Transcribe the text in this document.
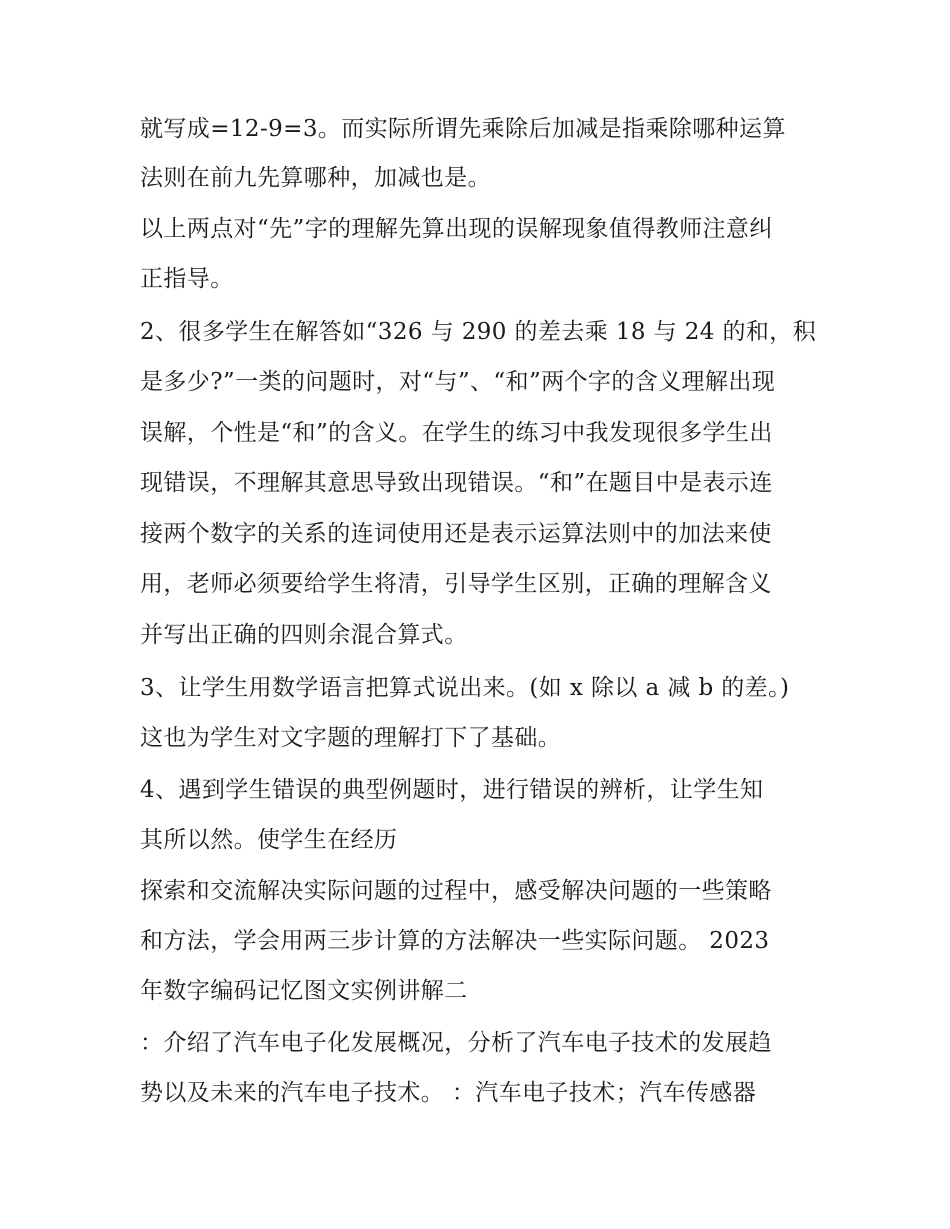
就写成=12-9=3。而实际所谓先乘除后加减是指乘除哪种运算
法则在前九先算哪种，加减也是。
以上两点对“先”字的理解先算出现的误解现象值得教师注意纠
正指导。
2、很多学生在解答如“326 与 290 的差去乘 18 与 24 的和，积
是多少?”一类的问题时，对“与”、“和”两个字的含义理解出现
误解，个性是“和”的含义。在学生的练习中我发现很多学生出
现错误，不理解其意思导致出现错误。“和”在题目中是表示连
接两个数字的关系的连词使用还是表示运算法则中的加法来使
用，老师必须要给学生将清，引导学生区别，正确的理解含义
并写出正确的四则余混合算式。
3、让学生用数学语言把算式说出来。(如 x 除以 a 减 b 的差。)
这也为学生对文字题的理解打下了基础。
4、遇到学生错误的典型例题时，进行错误的辨析，让学生知
其所以然。使学生在经历
探索和交流解决实际问题的过程中，感受解决问题的一些策略
和方法，学会用两三步计算的方法解决一些实际问题。 2023
年数字编码记忆图文实例讲解二
：介绍了汽车电子化发展概况，分析了汽车电子技术的发展趋
势以及未来的汽车电子技术。 ：汽车电子技术；汽车传感器
